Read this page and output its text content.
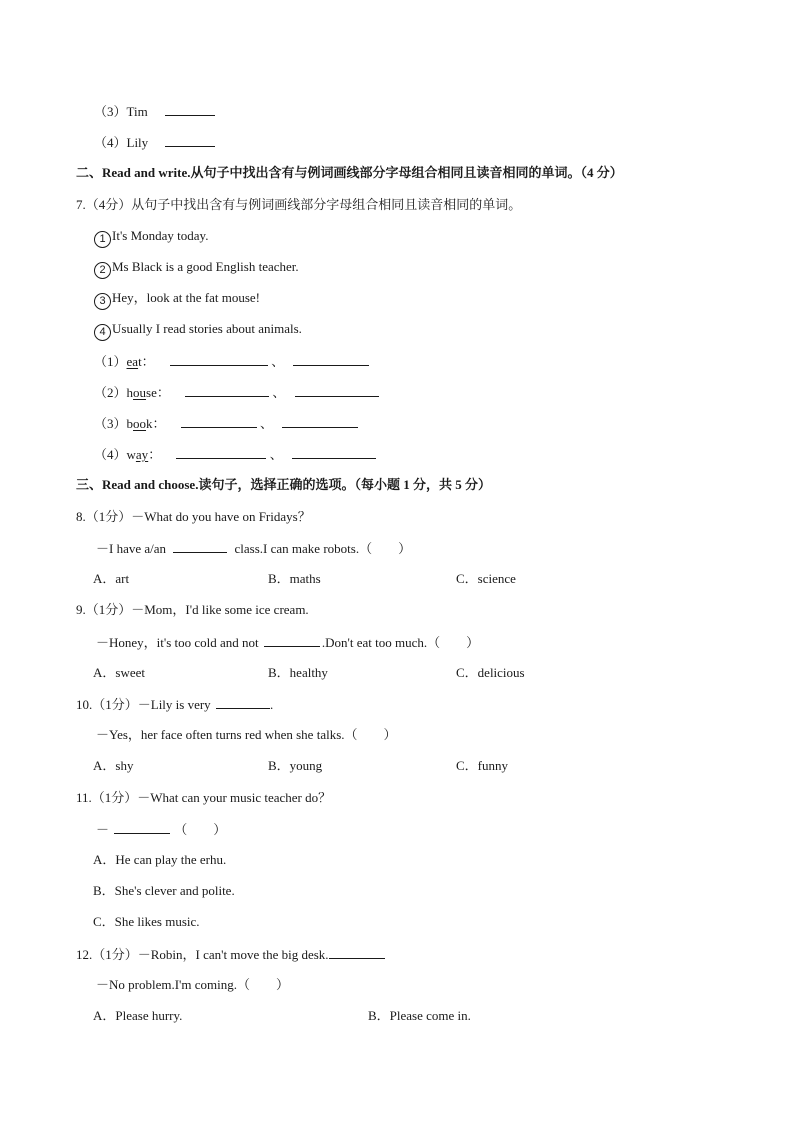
（3）Tim
（4）Lily
二、Read and write.从句子中找出含有与例词画线部分字母组合相同且读音相同的单词。（4 分）
7.（4分）从句子中找出含有与例词画线部分字母组合相同且读音相同的单词。
1 It's Monday today.
2 Ms Black is a good English teacher.
3 Hey，look at the fat mouse!
4 Usually I read stories about animals.
（1）eat：	、
（2）house：	、
（3）book：	、
（4）way：	、
三、Read and choose.读句子，选择正确的选项。（每小题 1 分，共 5 分）
8.（1分）－What do you have on Fridays？
－I have a/an	class.I can make robots.（　　）
A．art	B．maths	C．science
9.（1分）－Mom，I'd like some ice cream.
－Honey，it's too cold and not	.Don't eat too much.（　　）
A．sweet	B．healthy	C．delicious
10.（1分）－Lily is very	.
－Yes，her face often turns red when she talks.（　　）
A．shy	B．young	C．funny
11.（1分）－What can your music teacher do？
－	（　　）
A．He can play the erhu.
B．She's clever and polite.
C．She likes music.
12.（1分）－Robin，I can't move the big desk.
－No problem.I'm coming.（　　）
A．Please hurry.	B．Please come in.
